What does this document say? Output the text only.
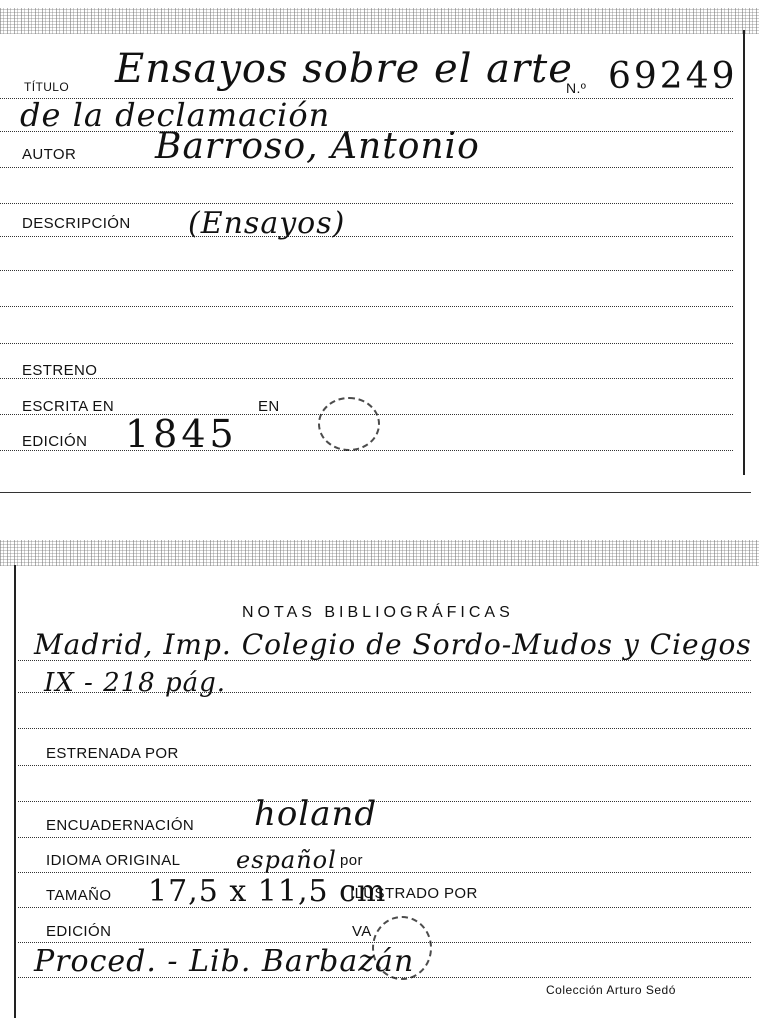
TÍTULO
AUTOR
DESCRIPCIÓN
ESTRENO
ESCRITA EN	EN
EDICIÓN
Ensayos sobre el arte
N.º 69249
de la declamación
Barroso, Antonio
(Ensayos)
1845
NOTAS BIBLIOGRÁFICAS
Madrid, Imp. Colegio de Sordo-Mudos y Ciegos
IX - 218 pág.
ESTRENADA POR
ENCUADERNACIÓN holand
IDIOMA ORIGINAL español por
TAMAÑO 17,5 x 11,5 cm
ILUSTRADO POR
EDICIÓN	VA
Proced. - Lib. Barbazán
Colección Arturo Sedó
